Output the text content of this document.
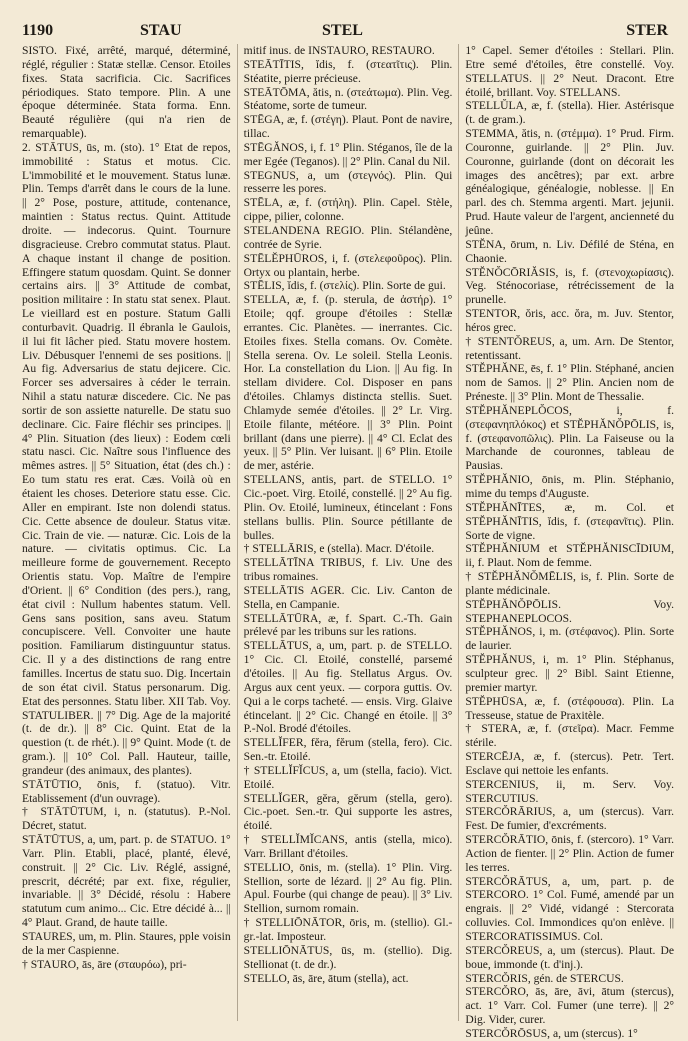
1190	STAU	STEL	STER

SISTO. Fixé, arrêté, marqué, déterminé, réglé, régulier : Statæ stellæ. Censor. Etoiles fixes. Stata sacrificia. Cic. Sacrifices périodiques. Stato tempore. Plin. A une époque déterminée. Stata forma. Enn. Beauté régulière (qui n'a rien de remarquable).

2. STĀTUS, ūs, m. (sto). 1° Etat de repos, immobilité : Status et motus. Cic. L'immobilité et le mouvement. Status lunæ. Plin. Temps d'arrêt dans le cours de la lune. || 2° Pose, posture, attitude, contenance, maintien : Status rectus. Quint. Attitude droite. — indecorus. Quint. Tournure disgracieuse. Crebro commutat status. Plaut. A chaque instant il change de position. Effingere statum quosdam. Quint. Se donner certains airs. || 3° Attitude de combat, position militaire : In statu stat senex. Plaut. Le vieillard est en posture. Statum Galli conturbavit. Quadrig. Il ébranla le Gaulois, il lui fit lâcher pied. Statu movere hostem. Liv. Débusquer l'ennemi de ses positions. || Au fig. Adversarius de statu dejicere. Cic. Forcer ses adversaires à céder le terrain. Nihil a statu naturæ discedere. Cic. Ne pas sortir de son assiette naturelle. De statu suo declinare. Cic. Faire fléchir ses principes. || 4° Plin. Situation (des lieux) : Eodem cœli statu nasci. Cic. Naître sous l'influence des mêmes astres. || 5° Situation, état (des ch.) : Eo tum statu res erat. Cæs. Voilà où en étaient les choses. Deteriore statu esse. Cic. Aller en empirant. Iste non dolendi status. Cic. Cette absence de douleur. Status vitæ. Cic. Train de vie. — naturæ. Cic. Lois de la nature. — civitatis optimus. Cic. La meilleure forme de gouvernement. Recepto Orientis statu. Vop. Maître de l'empire d'Orient. || 6° Condition (des pers.), rang, état civil : Nullum habentes statum. Vell. Gens sans position, sans aveu. Statum concupiscere. Vell. Convoiter une haute position. Familiarum distinguuntur status. Cic. Il y a des distinctions de rang entre familles. Incertus de statu suo. Dig. Incertain de son état civil. Status personarum. Dig. Etat des personnes. Statu liber. XII Tab. Voy. STATULIBER. || 7° Dig. Age de la majorité (t. de dr.). || 8° Cic. Quint. Etat de la question (t. de rhét.). || 9° Quint. Mode (t. de gram.). || 10° Col. Pall. Hauteur, taille, grandeur (des animaux, des plantes).

STĀTŪTIO, ōnis, f. (statuo). Vitr. Etablissement (d'un ouvrage).

† STĀTŪTUM, i, n. (statutus). P.-Nol. Décret, statut.

STĀTŪTUS, a, um, part. p. de STATUO. 1° Varr. Plin. Etabli, placé, planté, élevé, construit. || 2° Cic. Liv. Réglé, assigné, prescrit, décrété; par ext. fixe, régulier, invariable. || 3° Décidé, résolu : Habere statutum cum animo... Cic. Etre décidé à... || 4° Plaut. Grand, de haute taille.

STAURES, um, m. Plin. Staures, pple voisin de la mer Caspienne.

† STAURO, ās, āre (σταυρόω), pri-

mitif inus. de INSTAURO, RESTAURO.

STEĀTĪTIS, ĭdis, f. (στεατῖτις). Plin. Stéatite, pierre précieuse.

STEĀTŌMA, ătis, n. (στεάτωμα). Plin. Veg. Stéatome, sorte de tumeur.

STĒGA, æ, f. (στέγη). Plaut. Pont de navire, tillac.

STĒGĂNOS, i, f. 1° Plin. Stéganos, île de la mer Egée (Teganos). || 2° Plin. Canal du Nil.

STEGNUS, a, um (στεγνός). Plin. Qui resserre les pores.

STĒLA, æ, f. (στήλη). Plin. Capel. Stèle, cippe, pilier, colonne.

STELANDENA REGIO. Plin. Stélandène, contrée de Syrie.

STĒLĔPHŪROS, i, f. (στελεφοῦρος). Plin. Ortyx ou plantain, herbe.

STĒLIS, ĭdis, f. (στελίς). Plin. Sorte de gui.

STELLA, æ, f. (p. sterula, de ἀστήρ). 1° Etoile; qqf. groupe d'étoiles : Stellæ errantes. Cic. Planètes. — inerrantes. Cic. Etoiles fixes. Stella comans. Ov. Comète. Stella serena. Ov. Le soleil. Stella Leonis. Hor. La constellation du Lion. || Au fig. In stellam dividere. Col. Disposer en pans d'étoiles. Chlamys distincta stellis. Suet. Chlamyde semée d'étoiles. || 2° Lr. Virg. Etoile filante, météore. || 3° Plin. Point brillant (dans une pierre). || 4° Cl. Eclat des yeux. || 5° Plin. Ver luisant. || 6° Plin. Etoile de mer, astérie.

STELLANS, antis, part. de STELLO. 1° Cic.-poet. Virg. Etoilé, constellé. || 2° Au fig. Plin. Ov. Etoilé, lumineux, étincelant : Fons stellans bullis. Plin. Source pétillante de bulles.

† STELLĀRIS, e (stella). Macr. D'étoile.

STELLĀTĪNA TRIBUS, f. Liv. Une des tribus romaines.

STELLĀTIS AGER. Cic. Liv. Canton de Stella, en Campanie.

STELLĀTŪRA, æ, f. Spart. C.-Th. Gain prélevé par les tribuns sur les rations.

STELLĀTUS, a, um, part. p. de STELLO. 1° Cic. Cl. Etoilé, constellé, parsemé d'étoiles. || Au fig. Stellatus Argus. Ov. Argus aux cent yeux. — corpora guttis. Ov. Qui a le corps tacheté. — ensis. Virg. Glaive étincelant. || 2° Cic. Changé en étoile. || 3° P.-Nol. Brodé d'étoiles.

STELLĬFER, fĕra, fĕrum (stella, fero). Cic. Sen.-tr. Etoilé.

† STELLĬFĬCUS, a, um (stella, facio). Vict. Etoilé.

STELLĬGER, gĕra, gĕrum (stella, gero). Cic.-poet. Sen.-tr. Qui supporte les astres, étoilé.

† STELLĬMĬCANS, antis (stella, mico). Varr. Brillant d'étoiles.

STELLIO, ōnis, m. (stella). 1° Plin. Virg. Stellion, sorte de lézard. || 2° Au fig. Plin. Apul. Fourbe (qui change de peau). || 3° Liv. Stellion, surnom romain.

† STELLIŌNĀTOR, ōris, m. (stellio). Gl.-gr.-lat. Imposteur.

STELLIŌNĀTUS, ūs, m. (stellio). Dig. Stellionat (t. de dr.).

STELLO, ās, āre, ātum (stella), act.

1° Capel. Semer d'étoiles : Stellari. Plin. Etre semé d'étoiles, être constellé. Voy. STELLATUS. || 2° Neut. Dracont. Etre étoilé, brillant. Voy. STELLANS.

STELLŬLA, æ, f. (stella). Hier. Astérisque (t. de gram.).

STEMMA, ătis, n. (στέμμα). 1° Prud. Firm. Couronne, guirlande. || 2° Plin. Juv. Couronne, guirlande (dont on décorait les images des ancêtres); par ext. arbre généalogique, généalogie, noblesse. || En parl. des ch. Stemma argenti. Mart. jejunii. Prud. Haute valeur de l'argent, ancienneté du jeûne.

STĔNA, ōrum, n. Liv. Défilé de Sténa, en Chaonie.

STĔNŎCŌRIĂSIS, is, f. (στενοχωρίασις). Veg. Sténocoriase, rétrécissement de la prunelle.

STENTOR, ŏris, acc. ŏra, m. Juv. Stentor, héros grec.

† STENTŎREUS, a, um. Arn. De Stentor, retentissant.

STĔPHĂNE, ēs, f. 1° Plin. Stéphané, ancien nom de Samos. || 2° Plin. Ancien nom de Préneste. || 3° Plin. Mont de Thessalie.

STĔPHĂNEPLŎCOS, i, f. (στεφανηπλόκος) et STĔPHĂNŎPŌLIS, is, f. (στεφανοπῶλις). Plin. La Faiseuse ou la Marchande de couronnes, tableau de Pausias.

STĔPHĂNIO, ōnis, m. Plin. Stéphanio, mime du temps d'Auguste.

STĔPHĂNĪTES, æ, m. Col. et STĔPHĂNĪTIS, ĭdis, f. (στεφανῖτις). Plin. Sorte de vigne.

STĔPHĂNIUM et STĔPHĂNISCĪDIUM, ii, f. Plaut. Nom de femme.

† STĔPHĂNŎMĒLIS, is, f. Plin. Sorte de plante médicinale.

STĔPHĂNŎPŌLIS. Voy. STEPHANEPLOCOS.

STĔPHĂNOS, i, m. (στέφανος). Plin. Sorte de laurier.

STĔPHĂNUS, i, m. 1° Plin. Stéphanus, sculpteur grec. || 2° Bibl. Saint Etienne, premier martyr.

STĔPHŪSA, æ, f. (στέφουσα). Plin. La Tresseuse, statue de Praxitèle.

† STERA, æ, f. (στεῖρα). Macr. Femme stérile.

STERCĒJA, æ, f. (stercus). Petr. Tert. Esclave qui nettoie les enfants.

STERCENIUS, ii, m. Serv. Voy. STERCUTIUS.

STERCŎRĀRIUS, a, um (stercus). Varr. Fest. De fumier, d'excréments.

STERCŎRĀTIO, ōnis, f. (stercoro). 1° Varr. Action de fienter. || 2° Plin. Action de fumer les terres.

STERCŎRĀTUS, a, um, part. p. de STERCORO. 1° Col. Fumé, amendé par un engrais. || 2° Vidé, vidangé : Stercorata colluvies. Col. Immondices qu'on enlève. || STERCORATISSIMUS. Col.

STERCŎREUS, a, um (stercus). Plaut. De boue, immonde (t. d'inj.).

STERCŎRIS, gén. de STERCUS.

STERCŎRO, ās, āre, āvi, ātum (stercus), act. 1° Varr. Col. Fumer (une terre). || 2° Dig. Vider, curer.

STERCŎRŌSUS, a, um (stercus). 1°
